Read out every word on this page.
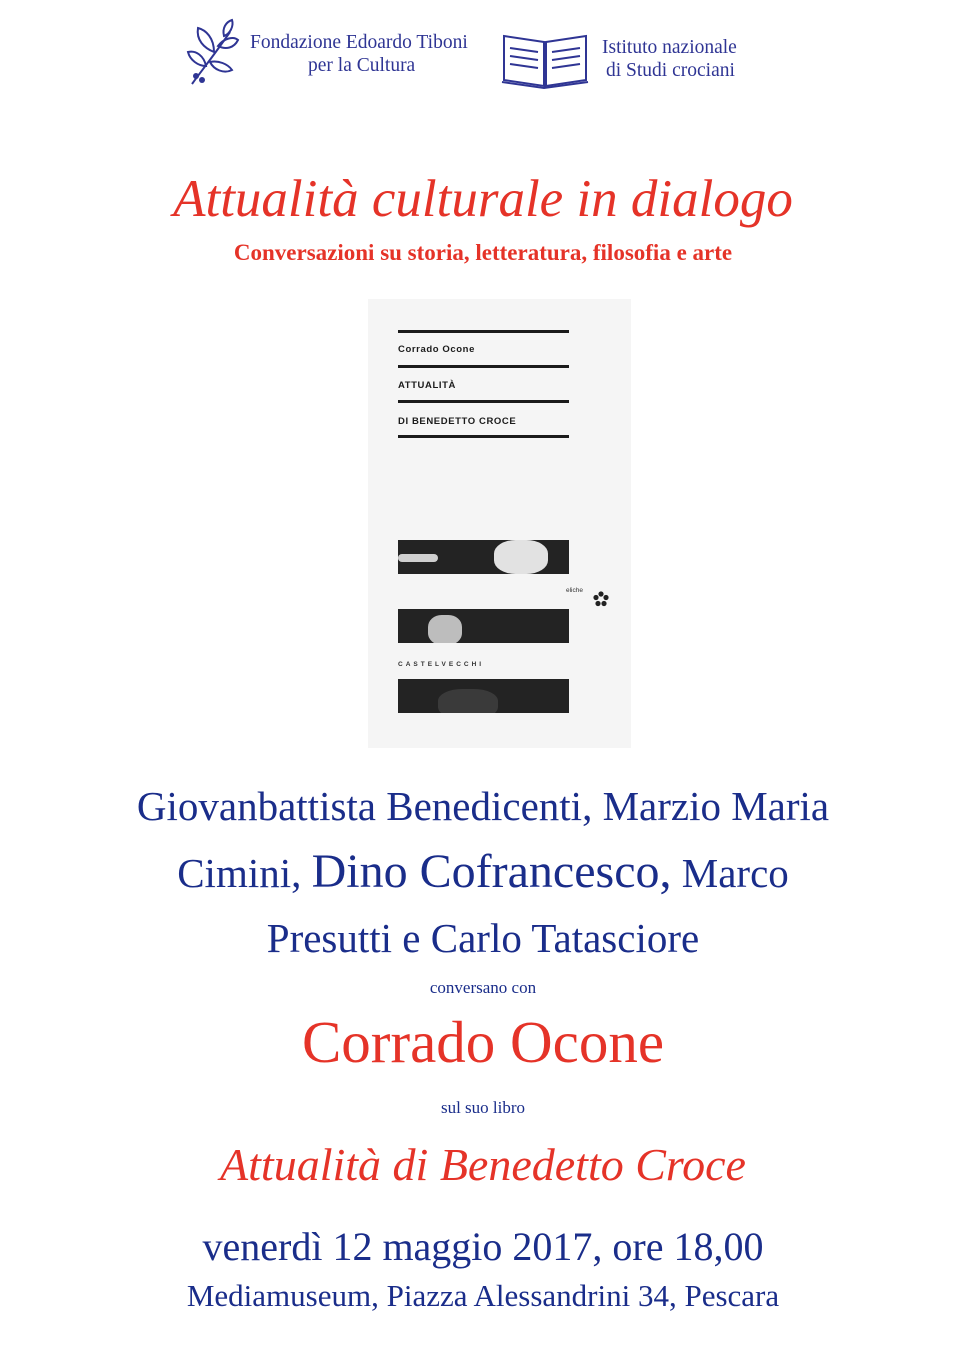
Fondazione Edoardo Tiboni
per la Cultura
Istituto nazionale
di Studi crociani
Attualità culturale in dialogo
Conversazioni su storia, letteratura, filosofia e arte
Corrado Ocone
ATTUALITÀ
DI BENEDETTO CROCE
eliche
CASTELVECCHI
Giovanbattista Benedicenti, Marzio Maria
Cimini, Dino Cofrancesco, Marco
Presutti e Carlo Tatasciore
conversano con
Corrado Ocone
sul suo libro
Attualità di Benedetto Croce
venerdì 12 maggio 2017, ore 18,00
Mediamuseum, Piazza Alessandrini 34, Pescara
